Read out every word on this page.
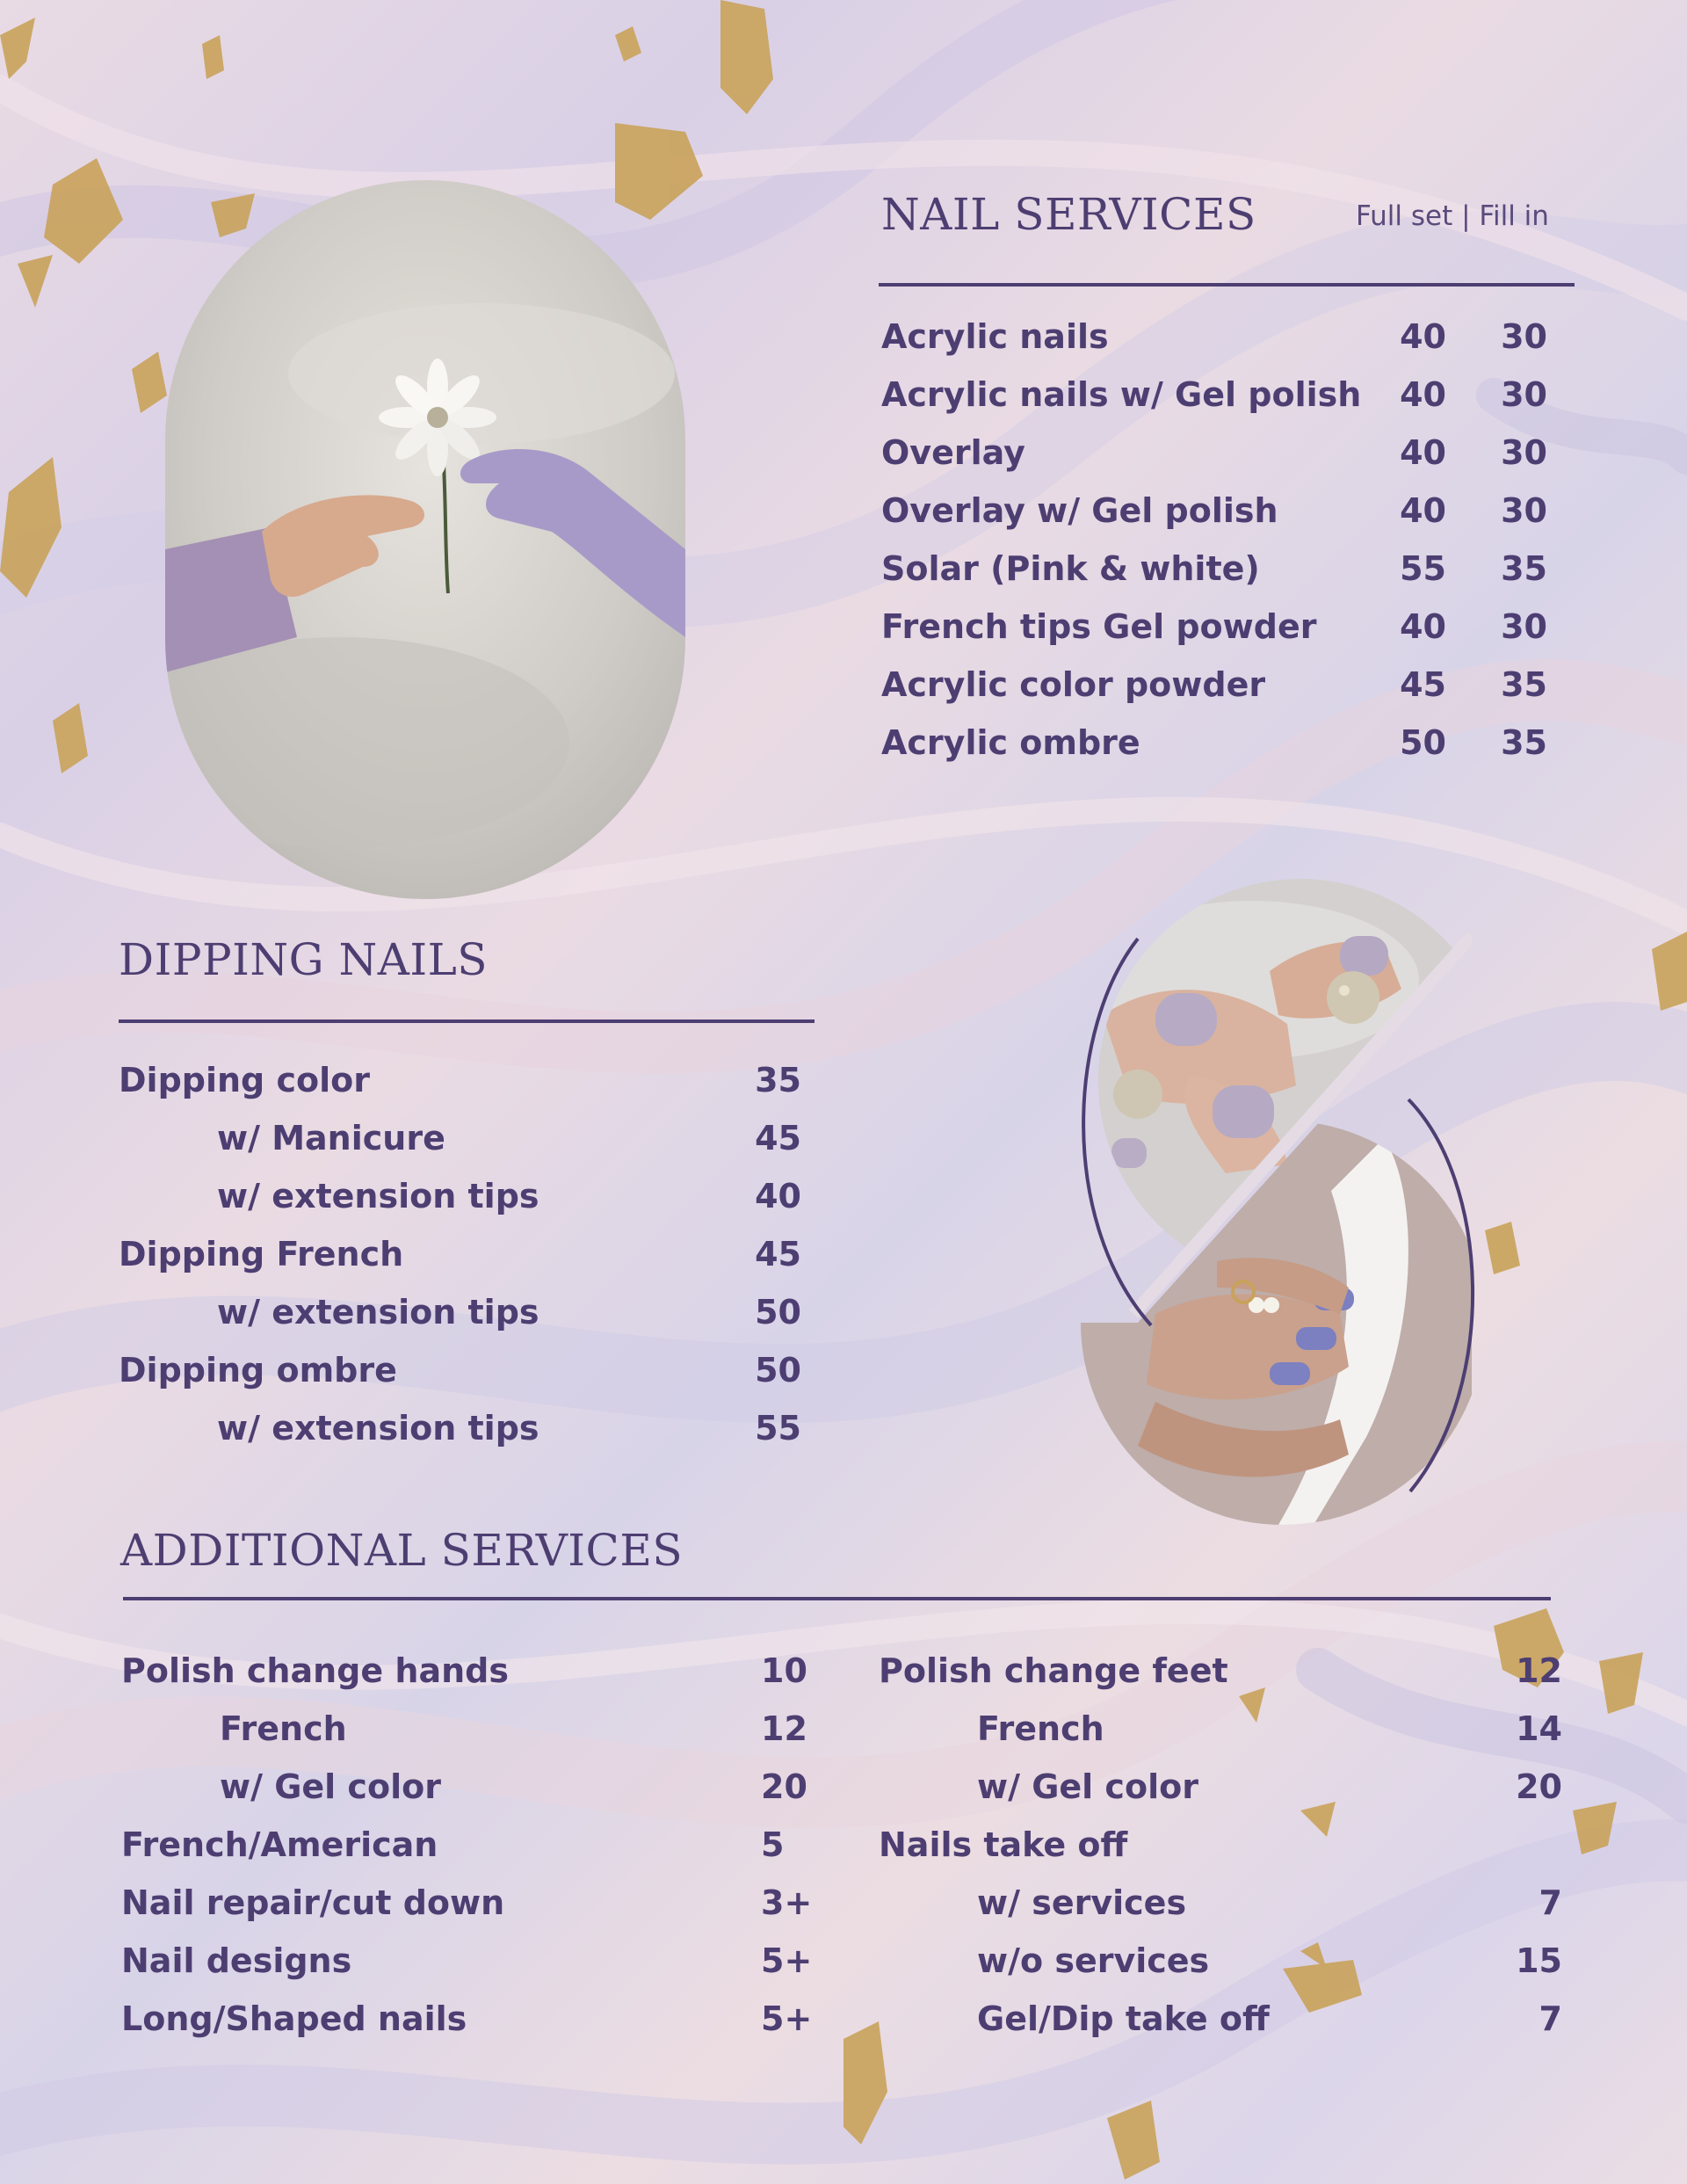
NAIL SERVICES	Full set | Fill in
Acrylic nails	40 30
Acrylic nails w/ Gel polish 40 30
Overlay	40 30
Overlay w/ Gel polish	40 30
Solar (Pink & white)	55 35
French tips Gel powder 40 30
Acrylic color powder	45 35
Acrylic ombre	50 35
DIPPING NAILS
Dipping color	35
w/ Manicure	45
w/ extension tips	40
Dipping French	45
w/ extension tips	50
Dipping ombre	50
w/ extension tips	55
ADDITIONAL SERVICES
Polish change hands	10
French	12
w/ Gel color	20
French/American	5
Nail repair/cut down	3+
Nail designs	5+
Long/Shaped nails	5+
Polish change feet	12
French	14
w/ Gel color	20
Nails take off
w/ services	7
w/o services	15
Gel/Dip take off	7
